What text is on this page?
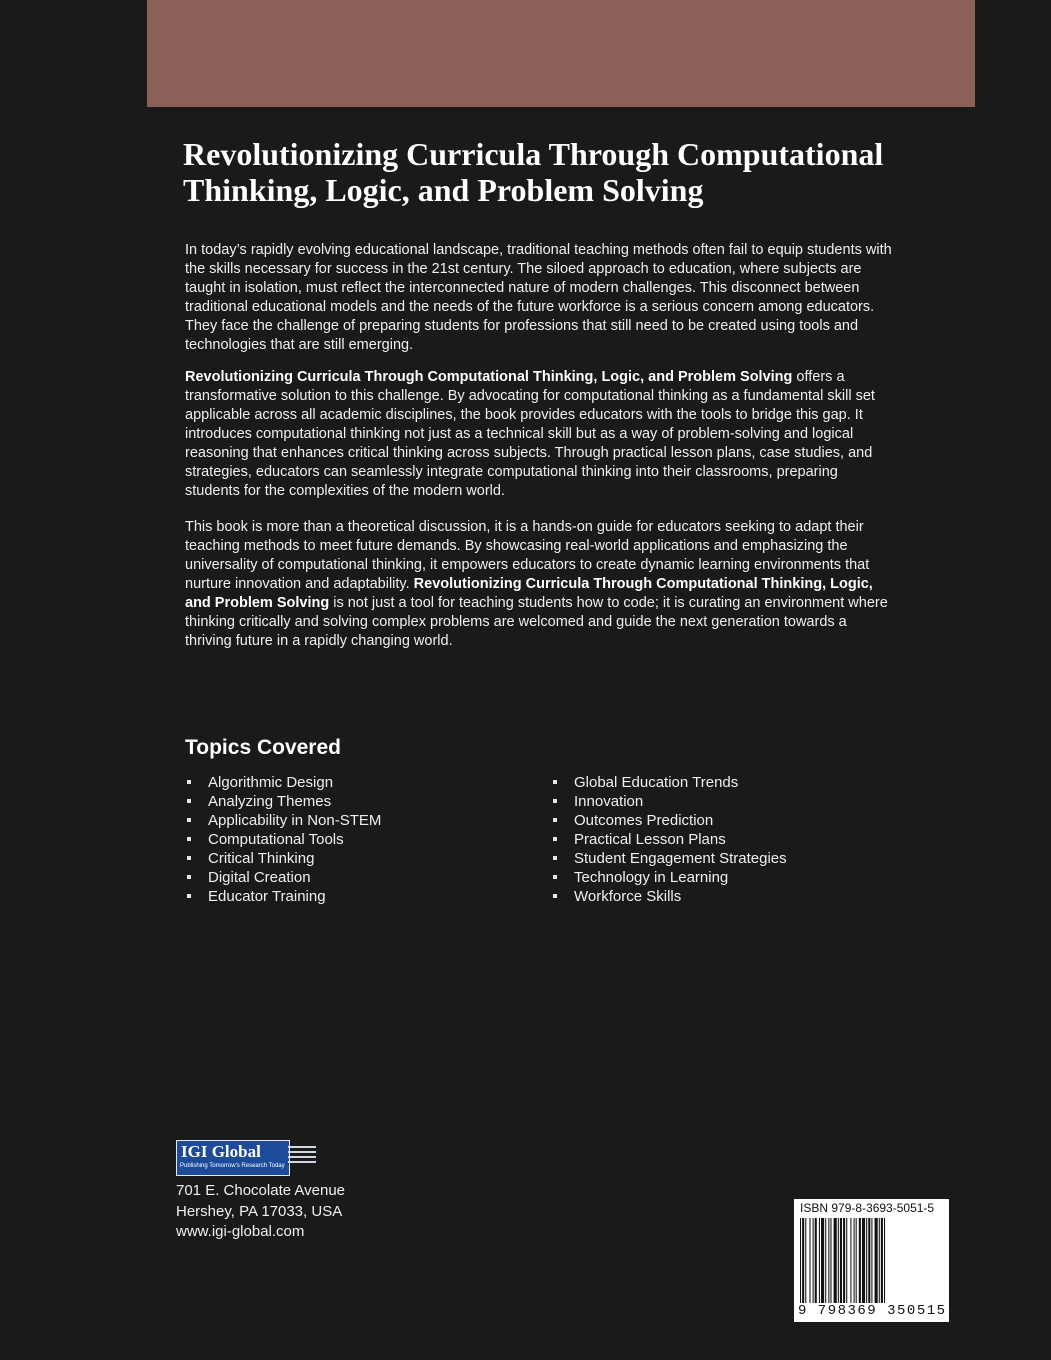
Revolutionizing Curricula Through Computational
Thinking, Logic, and Problem Solving

In today’s rapidly evolving educational landscape, traditional teaching methods often fail to equip students with the skills necessary for success in the 21st century. The siloed approach to education, where subjects are taught in isolation, must reflect the interconnected nature of modern challenges. This disconnect between traditional educational models and the needs of the future workforce is a serious concern among educators. They face the challenge of preparing students for professions that still need to be created using tools and technologies that are still emerging.

Revolutionizing Curricula Through Computational Thinking, Logic, and Problem Solving offers a transformative solution to this challenge. By advocating for computational thinking as a fundamental skill set applicable across all academic disciplines, the book provides educators with the tools to bridge this gap. It introduces computational thinking not just as a technical skill but as a way of problem-solving and logical reasoning that enhances critical thinking across subjects. Through practical lesson plans, case studies, and strategies, educators can seamlessly integrate computational thinking into their classrooms, preparing students for the complexities of the modern world.

This book is more than a theoretical discussion, it is a hands-on guide for educators seeking to adapt their teaching methods to meet future demands. By showcasing real-world applications and emphasizing the universality of computational thinking, it empowers educators to create dynamic learning environments that nurture innovation and adaptability. Revolutionizing Curricula Through Computational Thinking, Logic, and Problem Solving is not just a tool for teaching students how to code; it is curating an environment where thinking critically and solving complex problems are welcomed and guide the next generation towards a thriving future in a rapidly changing world.

Topics Covered
Algorithmic Design
Analyzing Themes
Applicability in Non-STEM
Computational Tools
Critical Thinking
Digital Creation
Educator Training
Global Education Trends
Innovation
Outcomes Prediction
Practical Lesson Plans
Student Engagement Strategies
Technology in Learning
Workforce Skills
IGI Global
Publishing Tomorrow's Research Today
701 E. Chocolate Avenue
Hershey, PA 17033, USA
www.igi-global.com
ISBN 979-8-3693-5051-5
9 798369 350515
